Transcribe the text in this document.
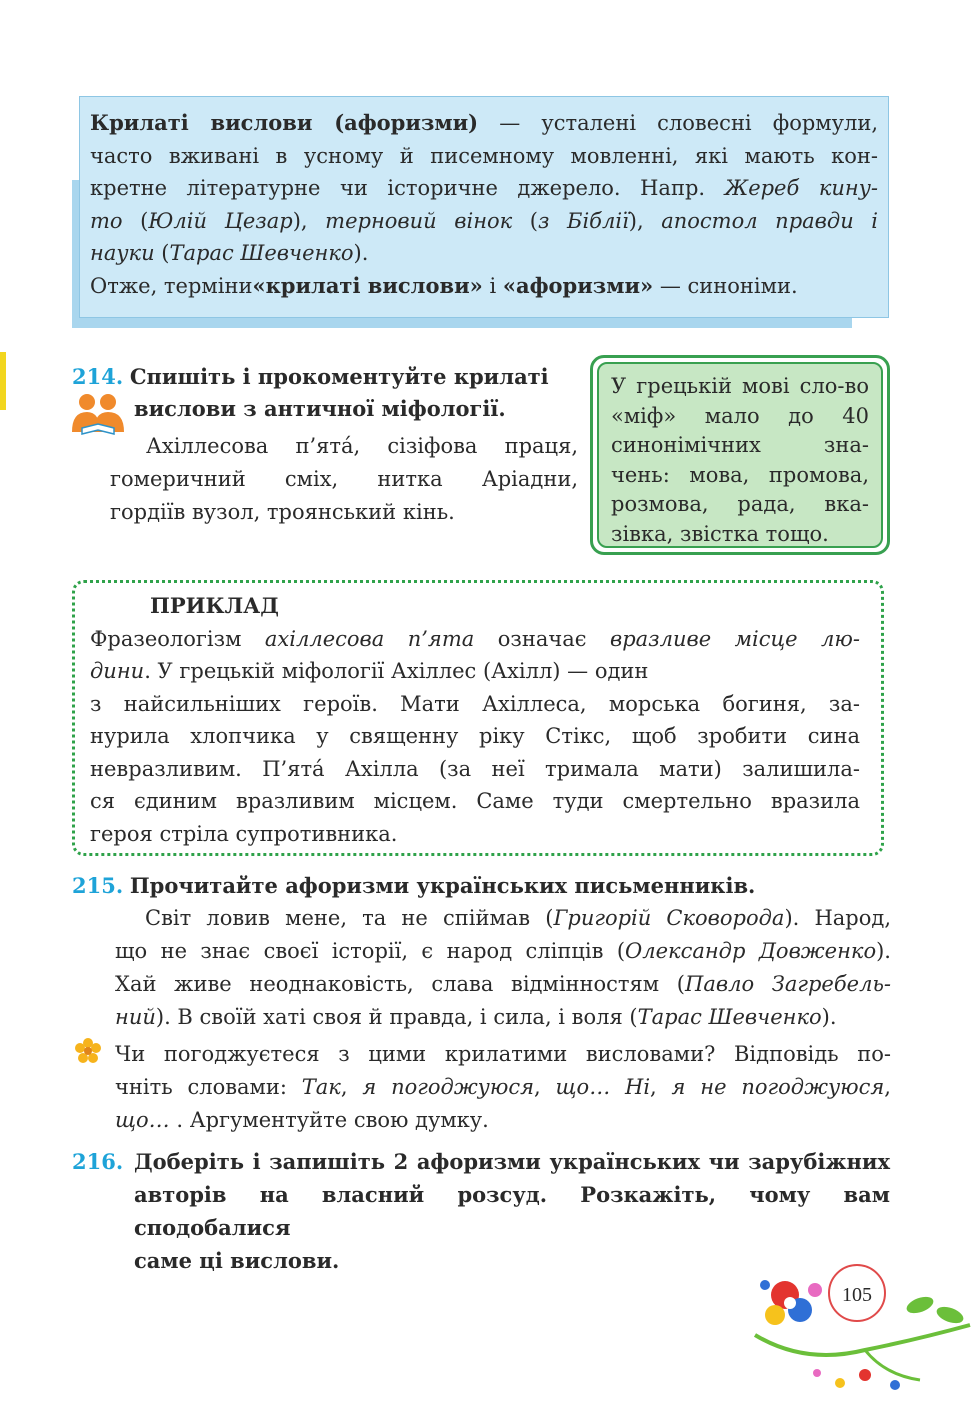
Крилаті вислови (афоризми) — усталені словесні формули,

часто вживані в усному й писемному мовленні, які мають кон-

кретне літературне чи історичне джерело. Напр. Жереб кину-

то (Юлій Цезар), терновий вінок (з Біблії), апостол правди і

науки (Тарас Шевченко).

Отже, терміни«крилаті вислови» і «афоризми» — синоніми.

214. Спишіть і прокоментуйте крилаті
вислови з античної міфології.
Ахіллесова п’ятá, сізіфова праця,
гомеричний сміх, нитка Аріадни,
гордіїв вузол, троянський кінь.
У грецькій мові сло-во «міф» мало до 40 синонімічних зна-чень: мова, промова, розмова, рада, вка-зівка, звістка тощо.
ПРИКЛАД
Фразеологізм ахіллесова п’ята означає вразливе місце лю-
дини. У грецькій міфології Ахіллес (Ахілл) — один
з найсильніших героїв. Мати Ахіллеса, морська богиня, за-
нурила хлопчика у священну ріку Стікс, щоб зробити сина
невразливим. П’ятá Ахілла (за неї тримала мати) залишила-
ся єдиним вразливим місцем. Саме туди смертельно вразила
героя стріла супротивника.
215. Прочитайте афоризми українських письменників.
Світ ловив мене, та не спіймав (Григорій Сковорода). Народ,
що не знає своєї історії, є народ сліпців (Олександр Довженко).
Хай живе неоднаковість, слава відмінностям (Павло Загребель-
ний). В своїй хаті своя й правда, і сила, і воля (Тарас Шевченко).
Чи погоджуєтеся з цими крилатими висловами? Відповідь по-
чніть словами: Так, я погоджуюся, що… Ні, я не погоджуюся,
що… . Аргументуйте свою думку.
216. Доберіть і запишіть 2 афоризми українських чи зарубіжних
авторів на власний розсуд. Розкажіть, чому вам сподобалися
саме ці вислови.
105
